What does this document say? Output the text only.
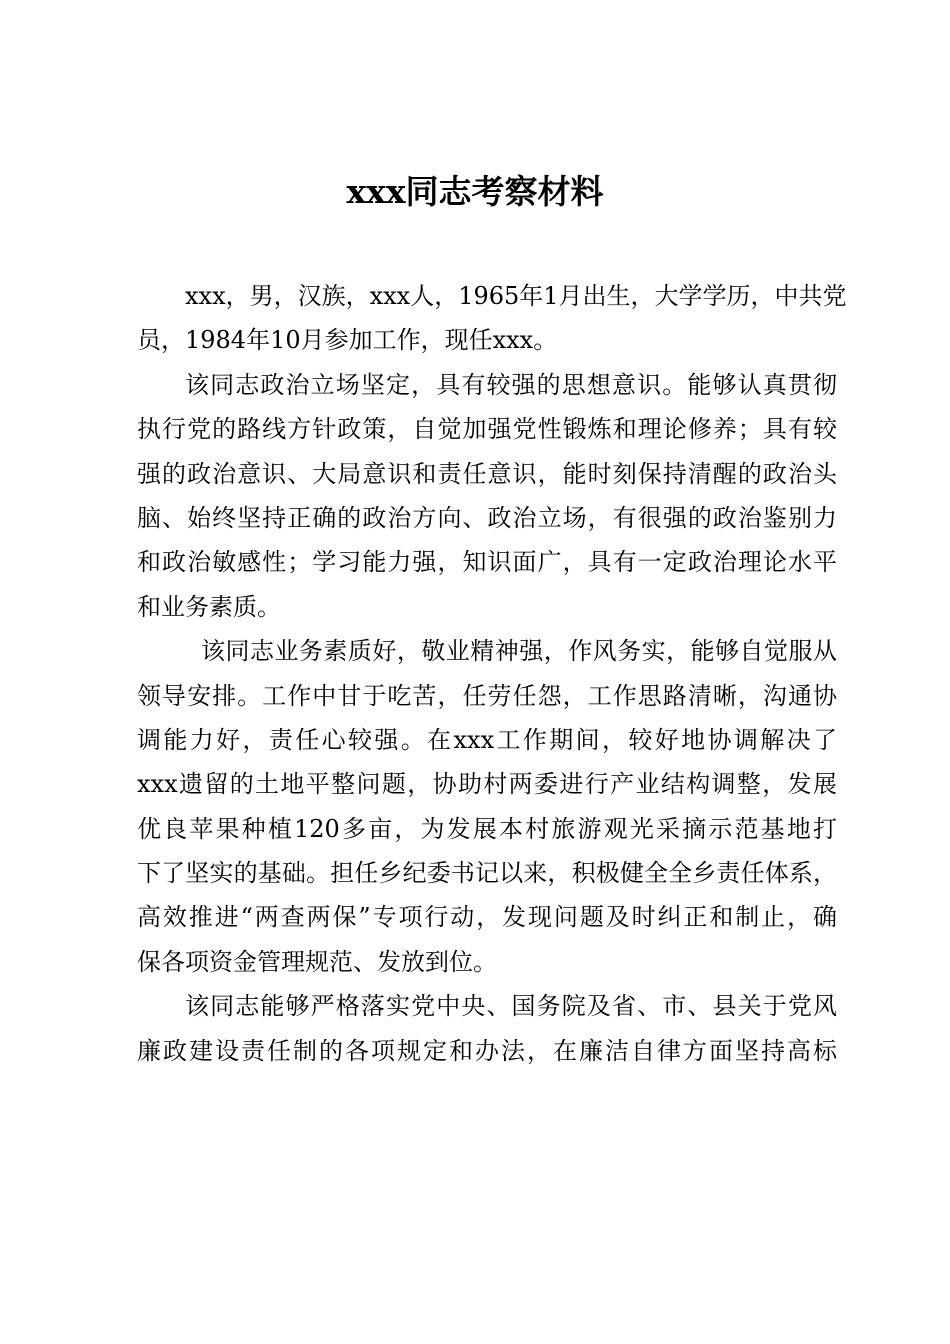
xxx同志考察材料
xxx，男，汉族，xxx人，1965年1月出生，大学学历，中共党
员，1984年10月参加工作，现任xxx。
该同志政治立场坚定，具有较强的思想意识。能够认真贯彻
执行党的路线方针政策，自觉加强党性锻炼和理论修养；具有较
强的政治意识、大局意识和责任意识，能时刻保持清醒的政治头
脑、始终坚持正确的政治方向、政治立场，有很强的政治鉴别力
和政治敏感性；学习能力强，知识面广，具有一定政治理论水平
和业务素质。
该同志业务素质好，敬业精神强，作风务实，能够自觉服从
领导安排。工作中甘于吃苦，任劳任怨，工作思路清晰，沟通协
调能力好，责任心较强。在xxx工作期间，较好地协调解决了
xxx遗留的土地平整问题，协助村两委进行产业结构调整，发展
优良苹果种植120多亩，为发展本村旅游观光采摘示范基地打
下了坚实的基础。担任乡纪委书记以来，积极健全全乡责任体系，
高效推进“两查两保”专项行动，发现问题及时纠正和制止，确
保各项资金管理规范、发放到位。
该同志能够严格落实党中央、国务院及省、市、县关于党风
廉政建设责任制的各项规定和办法，在廉洁自律方面坚持高标
